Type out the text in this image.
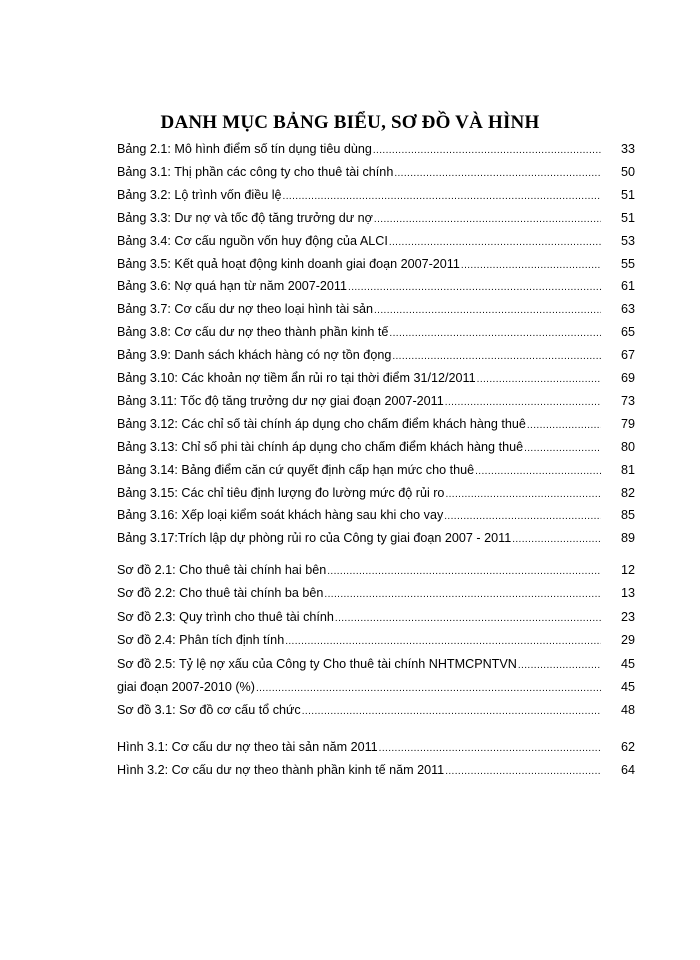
DANH MỤC BẢNG BIỂU, SƠ ĐỒ VÀ HÌNH
Bảng 2.1: Mô hình điểm số tín dụng tiêu dùng .....	33
Bảng 3.1: Thị phần các công ty cho thuê tài chính .....	50
Bảng 3.2: Lộ trình vốn điều lệ .....	51
Bảng 3.3: Dư nợ và tốc độ tăng trưởng dư nợ .....	51
Bảng 3.4: Cơ cấu nguồn vốn huy động của ALCI .....	53
Bảng 3.5: Kết quả hoạt động kinh doanh giai đoạn 2007-2011 .....	55
Bảng 3.6: Nợ quá hạn từ năm 2007-2011 .....	61
Bảng 3.7: Cơ cấu dư nợ theo loại hình tài sản .....	63
Bảng 3.8: Cơ cấu dư nợ theo thành phần kinh tế .....	65
Bảng 3.9: Danh sách khách hàng có nợ tồn đọng .....	67
Bảng 3.10: Các khoản nợ tiềm ẩn rủi ro tại thời điểm 31/12/2011 .....	69
Bảng 3.11: Tốc độ tăng trưởng dư nợ giai đoạn 2007-2011 .....	73
Bảng 3.12: Các chỉ số tài chính áp dụng cho chấm điểm khách hàng thuê .....	79
Bảng 3.13: Chỉ số phi tài chính áp dụng cho chấm điểm khách hàng thuê .....	80
Bảng 3.14: Bảng điểm căn cứ quyết định cấp hạn mức cho thuê .....	81
Bảng 3.15: Các chỉ tiêu định lượng đo lường mức độ rủi ro .....	82
Bảng 3.16: Xếp loại kiểm soát khách hàng sau khi cho vay .....	85
Bảng 3.17:Trích lập dự phòng rủi ro của Công ty giai đoạn 2007 - 2011 .....	89
Sơ đồ 2.1: Cho thuê tài chính hai bên .....	12
Sơ đồ 2.2: Cho thuê tài chính ba bên .....	13
Sơ đồ 2.3: Quy trình cho thuê tài chính .....	23
Sơ đồ 2.4: Phân tích định tính .....	29
Sơ đồ 2.5: Tỷ lệ nợ xấu của Công ty Cho thuê tài chính NHTMCPNTVN .....	45
giai đoạn 2007-2010 (%) .....	45
Sơ đồ 3.1: Sơ đồ cơ cấu tổ chức .....	48
Hình 3.1: Cơ cấu dư nợ theo tài sản năm 2011 .....	62
Hình 3.2: Cơ cấu dư nợ theo thành phần kinh tế năm 2011 .....	64
